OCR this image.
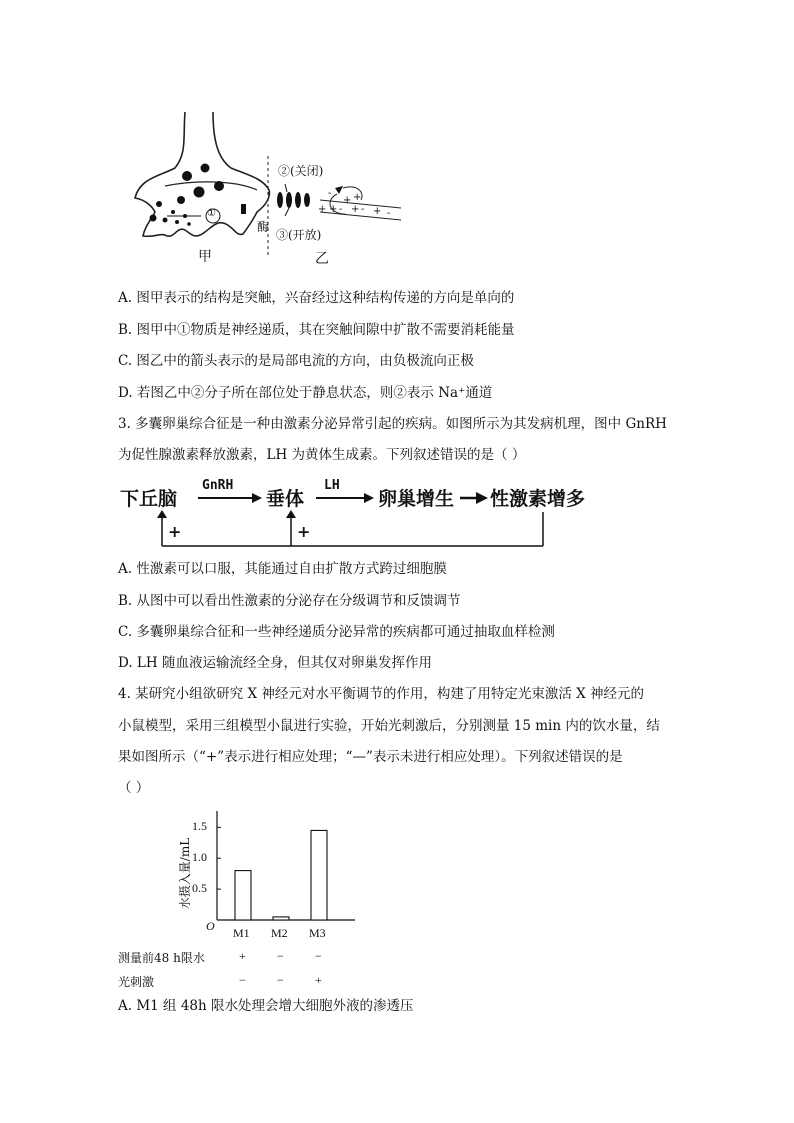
②(关闭)
③(开放)
①
酶
-
+
+ + - + - + -
+
甲	乙
A. 图甲表示的结构是突触，兴奋经过这种结构传递的方向是单向的
B. 图甲中①物质是神经递质，其在突触间隙中扩散不需要消耗能量
C. 图乙中的箭头表示的是局部电流的方向，由负极流向正极
D. 若图乙中②分子所在部位处于静息状态，则②表示 Na⁺通道
3. 多囊卵巢综合征是一种由激素分泌异常引起的疾病。如图所示为其发病机理，图中 GnRH
为促性腺激素释放激素，LH 为黄体生成素。下列叙述错误的是（ ）
下丘脑
GnRH
垂体
LH
卵巢增生 性激素增多
+	+
A. 性激素可以口服，其能通过自由扩散方式跨过细胞膜
B. 从图中可以看出性激素的分泌存在分级调节和反馈调节
C. 多囊卵巢综合征和一些神经递质分泌异常的疾病都可通过抽取血样检测
D. LH 随血液运输流经全身，但其仅对卵巢发挥作用
4. 某研究小组欲研究 X 神经元对水平衡调节的作用，构建了用特定光束激活 X 神经元的
小鼠模型，采用三组模型小鼠进行实验，开始光刺激后，分别测量 15 min 内的饮水量，结
果如图所示（“+”表示进行相应处理；“—”表示未进行相应处理）。下列叙述错误的是
（ ）
水摄入量/mL
1.5
1.0
0.5
O M1 M2 M3
测量前48 h限水	+	−	−
光刺激	−	−	+
A. M1 组 48h 限水处理会增大细胞外液的渗透压
